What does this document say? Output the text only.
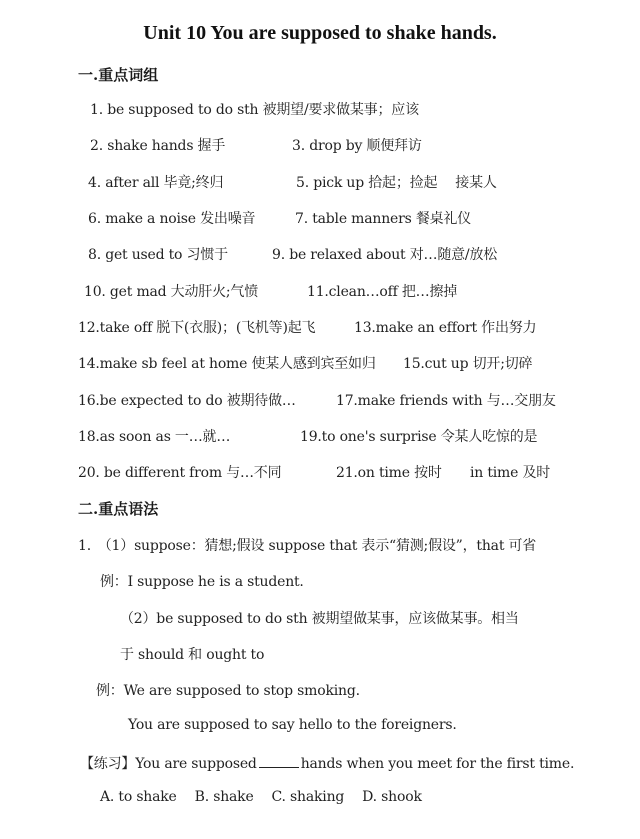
Unit 10 You are supposed to shake hands.
一.重点词组
1. be supposed to do sth 被期望/要求做某事；应该
2. shake hands 握手	3. drop by 顺便拜访
4. after all 毕竟;终归	5. pick up 拾起；捡起　 接某人
6. make a noise 发出噪音	7. table manners 餐桌礼仪
8. get used to 习惯于	9. be relaxed about 对…随意/放松
10. get mad 大动肝火;气愤	11.clean…off 把…擦掉
12.take off 脱下(衣服)；(飞机等)起飞	13.make an effort 作出努力
14.make sb feel at home 使某人感到宾至如归 15.cut up 切开;切碎
16.be expected to do 被期待做…	17.make friends with 与…交朋友
18.as soon as 一…就…	19.to one's surprise 令某人吃惊的是
20. be different from 与…不同	21.on time 按时 in time 及时
二.重点语法
1.　（1）suppose：猜想;假设 suppose that 表示“猜测;假设”，that 可省
例：I suppose he is a student.
（2）be supposed to do sth 被期望做某事，应该做某事。相当
于 should 和 ought to
例：We are supposed to stop smoking.
You are supposed to say hello to the foreigners.
【练习】You are supposed	hands when you meet for the first time.
A. to shake B. shake C. shaking D. shook
